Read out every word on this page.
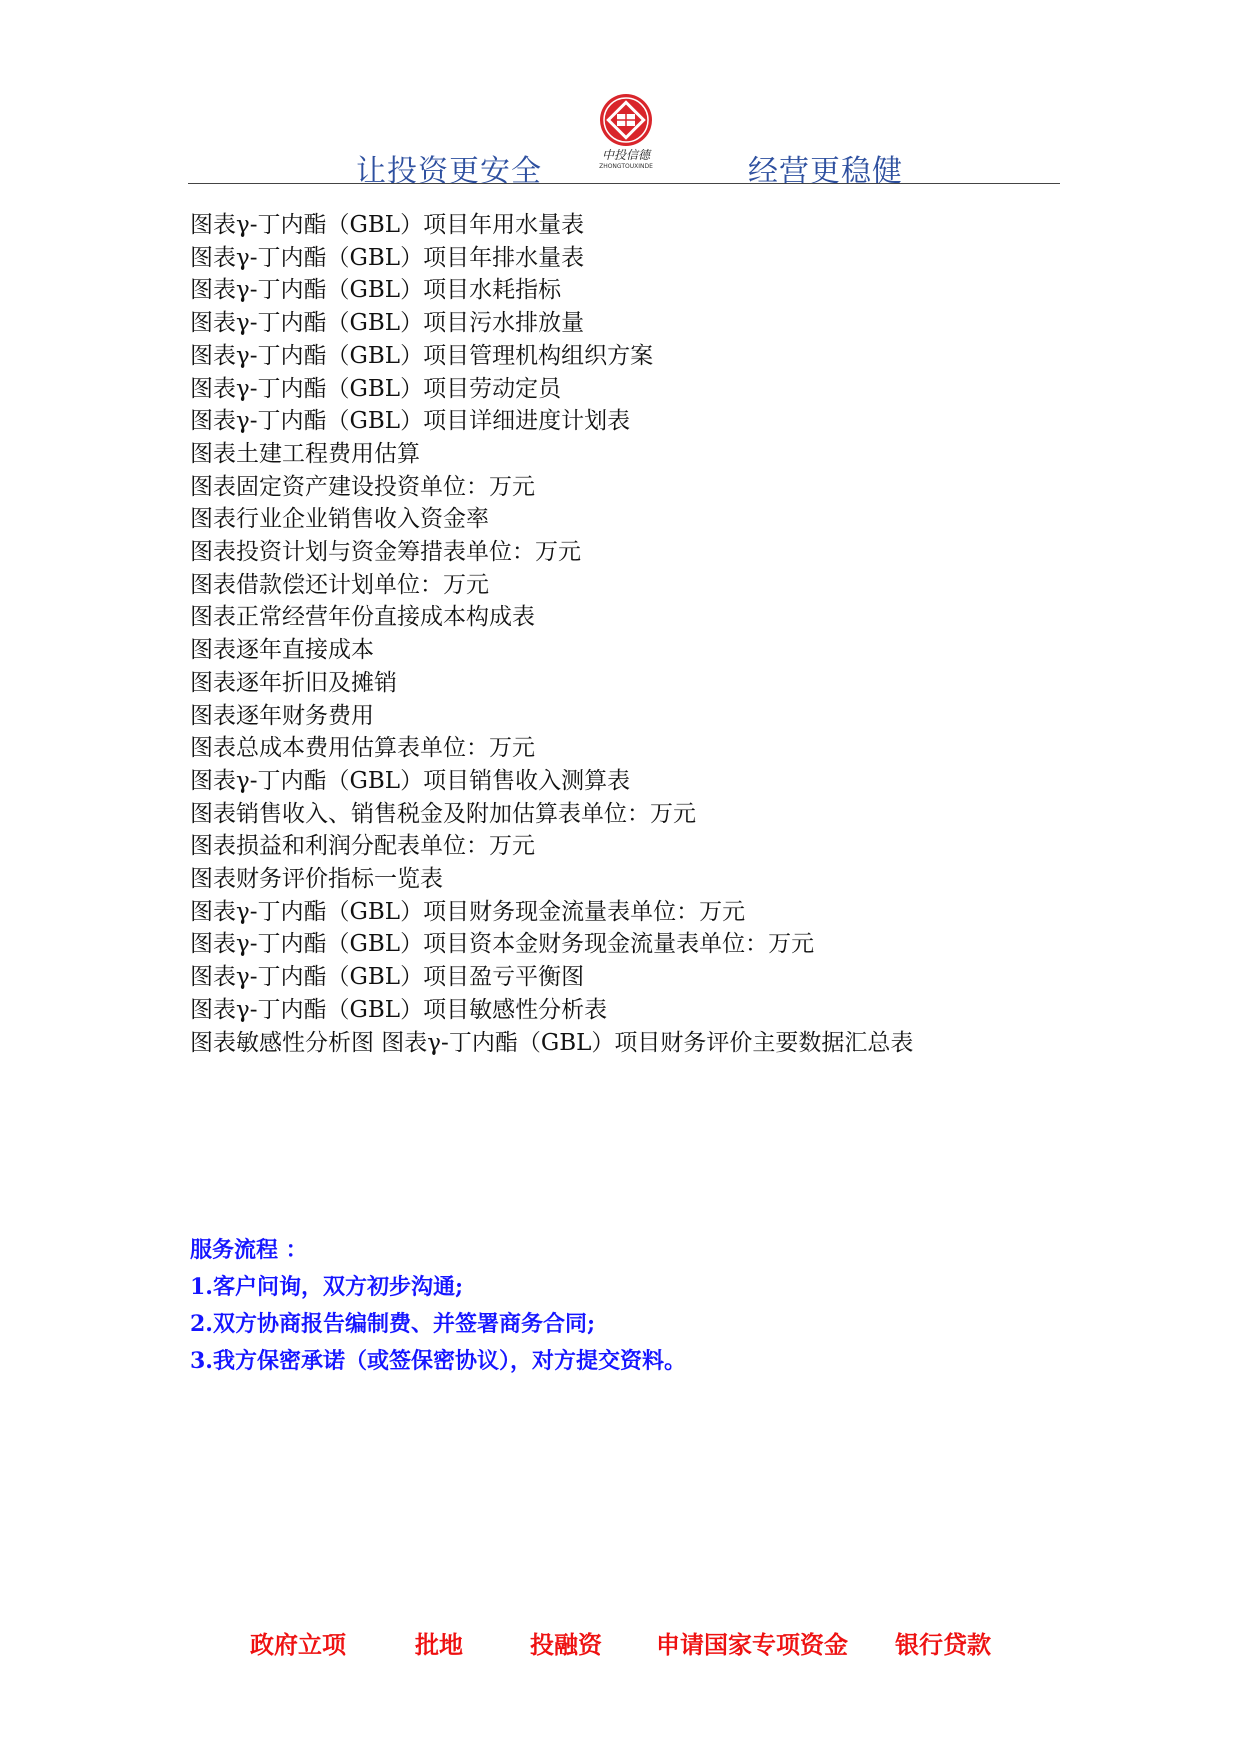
让投资更安全	中投信德
ZHONGTOUXINDE	经营更稳健
图表γ-丁内酯（GBL）项目年用水量表
图表γ-丁内酯（GBL）项目年排水量表
图表γ-丁内酯（GBL）项目水耗指标
图表γ-丁内酯（GBL）项目污水排放量
图表γ-丁内酯（GBL）项目管理机构组织方案
图表γ-丁内酯（GBL）项目劳动定员
图表γ-丁内酯（GBL）项目详细进度计划表
图表土建工程费用估算
图表固定资产建设投资单位：万元
图表行业企业销售收入资金率
图表投资计划与资金筹措表单位：万元
图表借款偿还计划单位：万元
图表正常经营年份直接成本构成表
图表逐年直接成本
图表逐年折旧及摊销
图表逐年财务费用
图表总成本费用估算表单位：万元
图表γ-丁内酯（GBL）项目销售收入测算表
图表销售收入、销售税金及附加估算表单位：万元
图表损益和利润分配表单位：万元
图表财务评价指标一览表
图表γ-丁内酯（GBL）项目财务现金流量表单位：万元
图表γ-丁内酯（GBL）项目资本金财务现金流量表单位：万元
图表γ-丁内酯（GBL）项目盈亏平衡图
图表γ-丁内酯（GBL）项目敏感性分析表
图表敏感性分析图 图表γ-丁内酯（GBL）项目财务评价主要数据汇总表
服务流程 ：
1.客户问询，双方初步沟通;
2.双方协商报告编制费、并签署商务合同;
3.我方保密承诺（或签保密协议），对方提交资料。
政府立项	批地	投融资 申请国家专项资金 银行贷款
